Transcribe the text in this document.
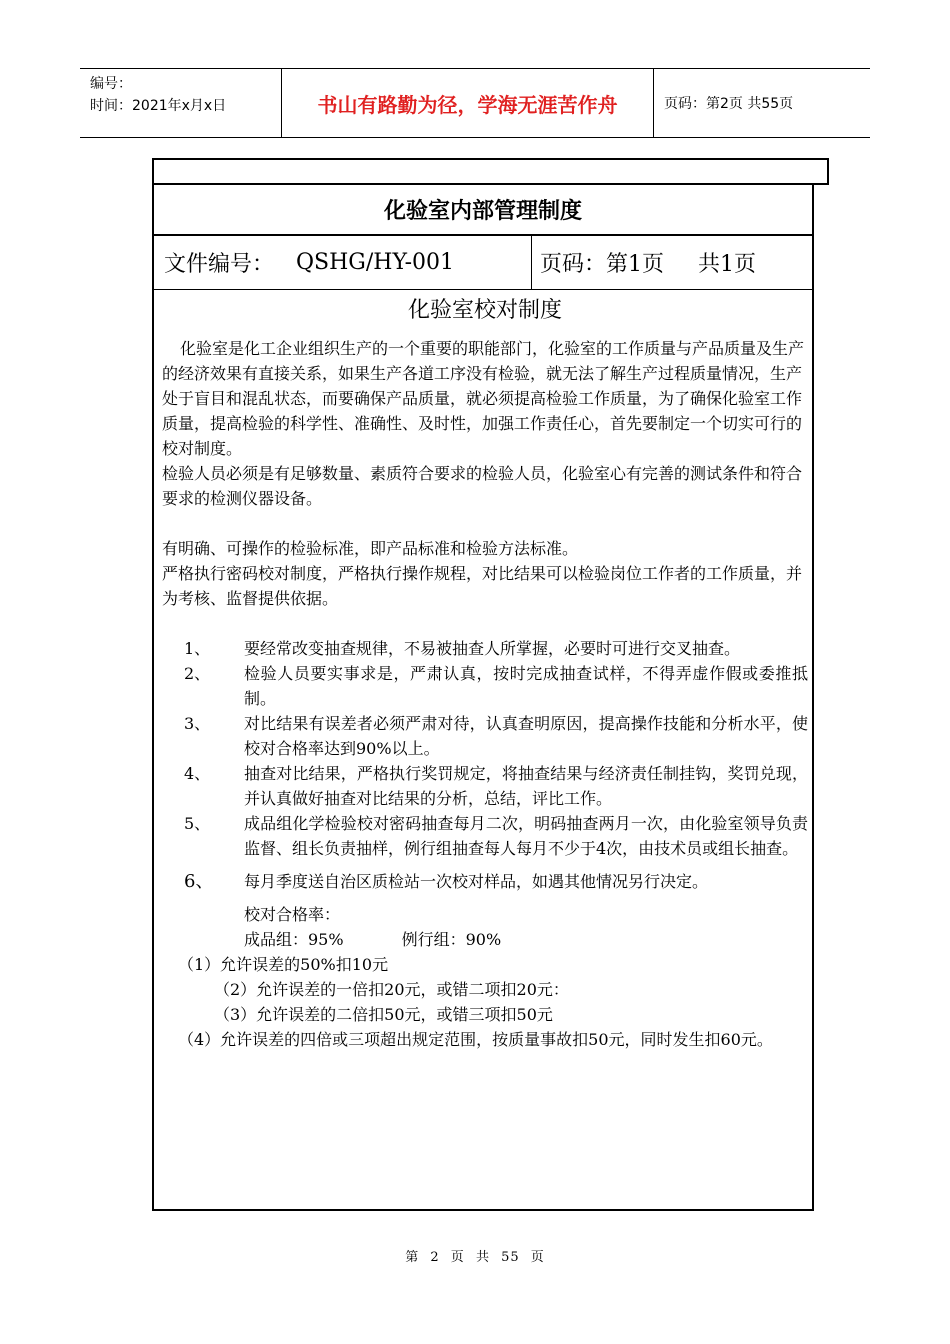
编号：
时间：2021年x月x日	书山有路勤为径，学海无涯苦作舟	页码：第2页 共55页
化验室内部管理制度
文件编号： QSHG/HY-001	页码：第1页 共1页
化验室校对制度

化验室是化工企业组织生产的一个重要的职能部门，化验室的工作质量与产品质量及生产的经济效果有直接关系，如果生产各道工序没有检验，就无法了解生产过程质量情况，生产处于盲目和混乱状态，而要确保产品质量，就必须提高检验工作质量，为了确保化验室工作质量，提高检验的科学性、准确性、及时性，加强工作责任心，首先要制定一个切实可行的校对制度。

检验人员必须是有足够数量、素质符合要求的检验人员，化验室心有完善的测试条件和符合要求的检测仪器设备。

有明确、可操作的检验标准，即产品标准和检验方法标准。

严格执行密码校对制度，严格执行操作规程，对比结果可以检验岗位工作者的工作质量，并为考核、监督提供依据。

1、	要经常改变抽查规律，不易被抽查人所掌握，必要时可进行交叉抽查。
2、	检验人员要实事求是，严肃认真，按时完成抽查试样，不得弄虚作假或委推抵制。
3、	对比结果有误差者必须严肃对待，认真查明原因，提高操作技能和分析水平，使校对合格率达到90%以上。
4、	抽查对比结果，严格执行奖罚规定，将抽查结果与经济责任制挂钩，奖罚兑现，并认真做好抽查对比结果的分析，总结，评比工作。
5、	成品组化学检验校对密码抽查每月二次，明码抽查两月一次，由化验室领导负责监督、组长负责抽样，例行组抽查每人每月不少于4次，由技术员或组长抽查。
6、	每月季度送自治区质检站一次校对样品，如遇其他情况另行决定。
校对合格率：
成品组：95%	例行组：90%
（1）允许误差的50%扣10元
（2）允许误差的一倍扣20元，或错二项扣20元：
（3）允许误差的二倍扣50元，或错三项扣50元
（4）允许误差的四倍或三项超出规定范围，按质量事故扣50元，同时发生扣60元。
第 2 页 共 55 页
